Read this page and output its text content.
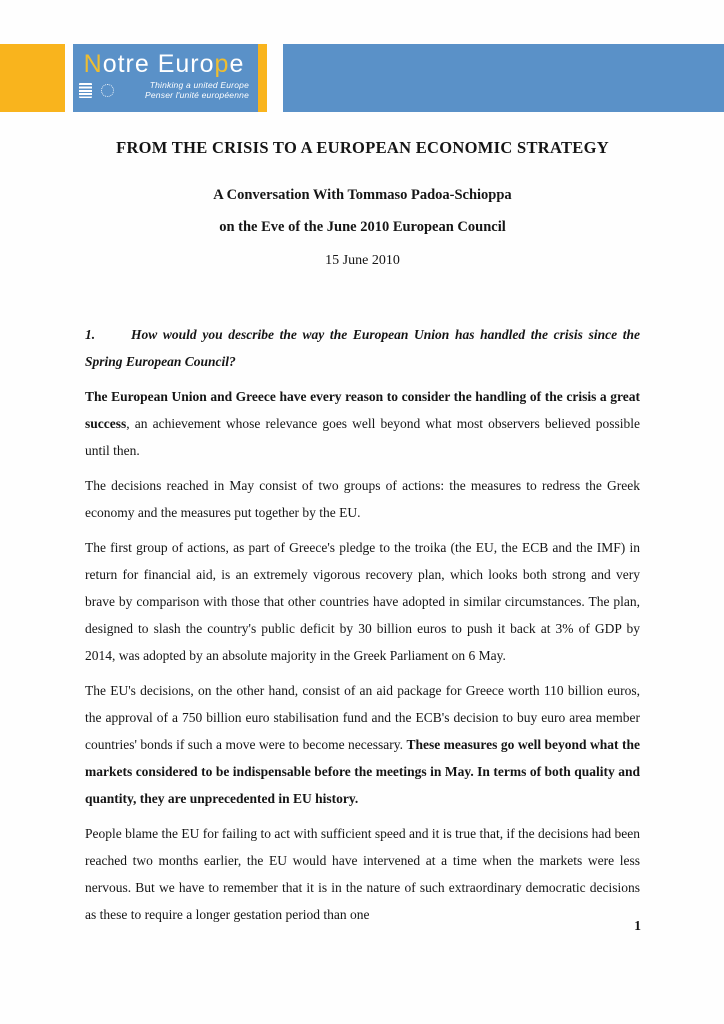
Notre Europe
Thinking a united Europe
Penser l'unité européenne
FROM THE CRISIS TO A EUROPEAN ECONOMIC STRATEGY
A Conversation With Tommaso Padoa-Schioppa
on the Eve of the June 2010 European Council
15 June 2010

1.	How would you describe the way the European Union has handled the crisis since the Spring European Council?

The European Union and Greece have every reason to consider the handling of the crisis a great success, an achievement whose relevance goes well beyond what most observers believed possible until then.

The decisions reached in May consist of two groups of actions: the measures to redress the Greek economy and the measures put together by the EU.

The first group of actions, as part of Greece's pledge to the troika (the EU, the ECB and the IMF) in return for financial aid, is an extremely vigorous recovery plan, which looks both strong and very brave by comparison with those that other countries have adopted in similar circumstances. The plan, designed to slash the country's public deficit by 30 billion euros to push it back at 3% of GDP by 2014, was adopted by an absolute majority in the Greek Parliament on 6 May.

The EU's decisions, on the other hand, consist of an aid package for Greece worth 110 billion euros, the approval of a 750 billion euro stabilisation fund and the ECB's decision to buy euro area member countries' bonds if such a move were to become necessary. These measures go well beyond what the markets considered to be indispensable before the meetings in May. In terms of both quality and quantity, they are unprecedented in EU history.

People blame the EU for failing to act with sufficient speed and it is true that, if the decisions had been reached two months earlier, the EU would have intervened at a time when the markets were less nervous. But we have to remember that it is in the nature of such extraordinary democratic decisions as these to require a longer gestation period than one

1
